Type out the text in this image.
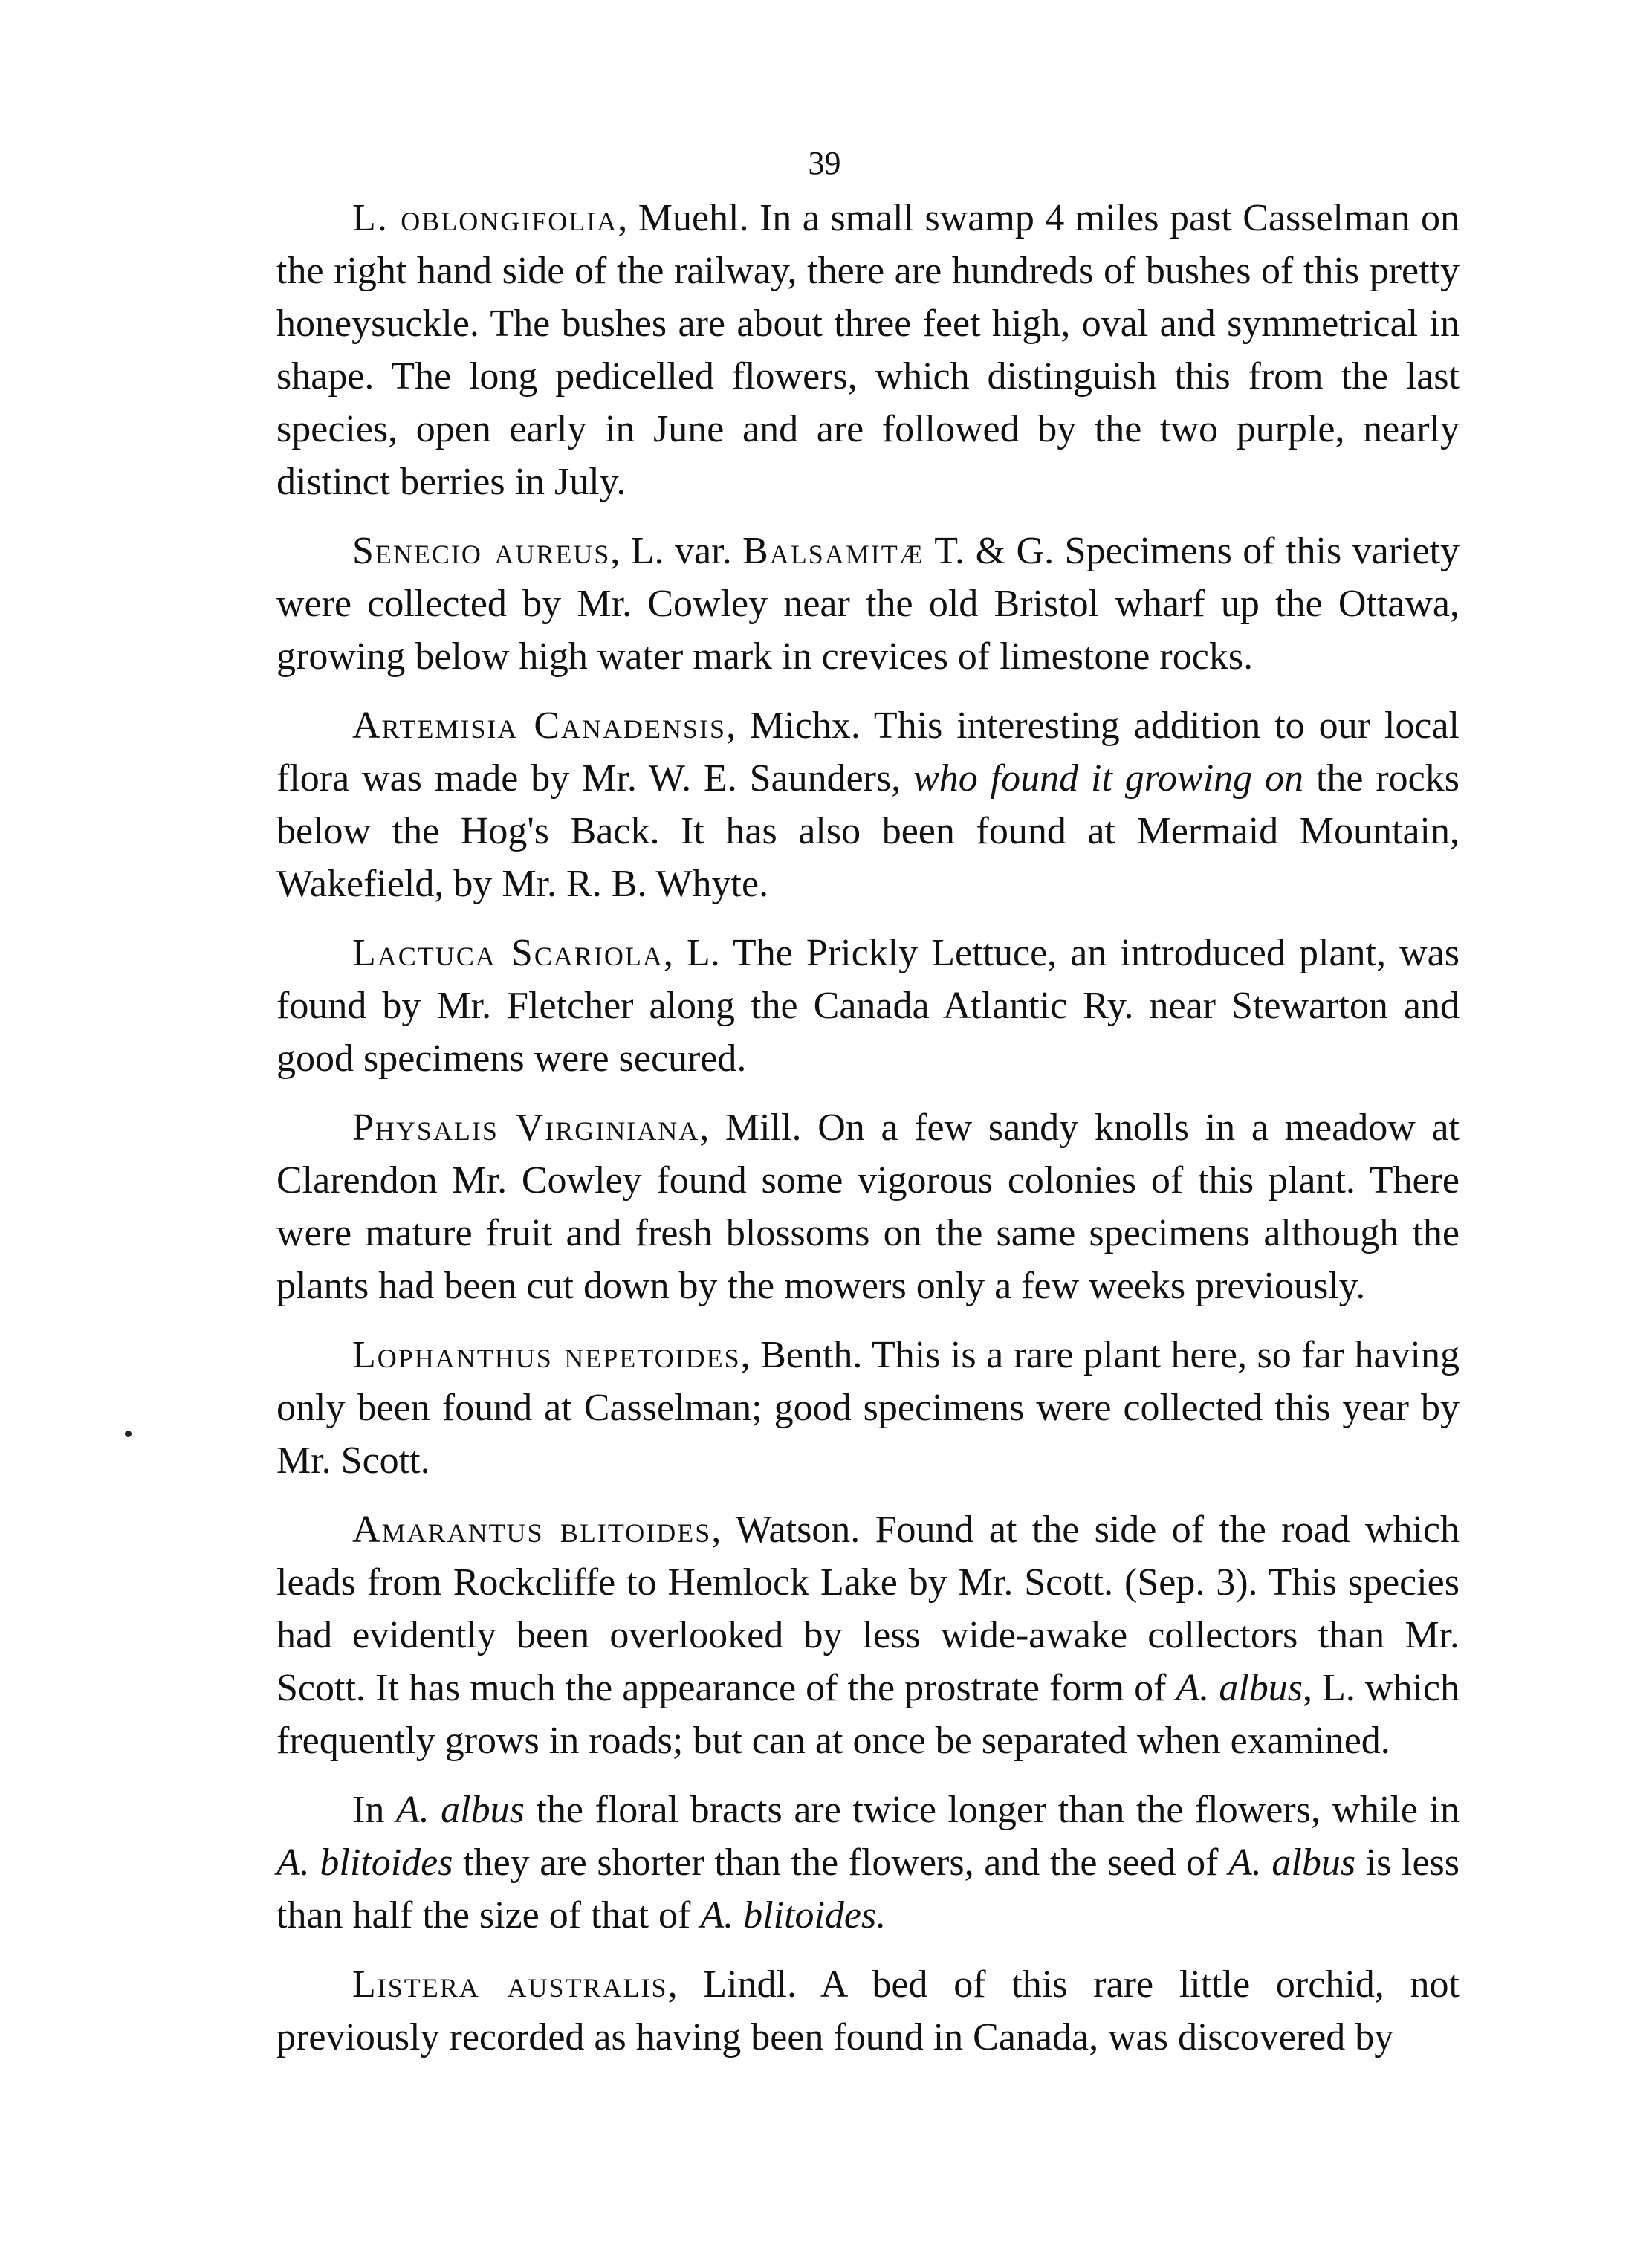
39

L. oblongifolia, Muehl. In a small swamp 4 miles past Casselman on the right hand side of the railway, there are hundreds of bushes of this pretty honeysuckle. The bushes are about three feet high, oval and symmetrical in shape. The long pedicelled flowers, which distinguish this from the last species, open early in June and are followed by the two purple, nearly distinct berries in July.

Senecio aureus, L. var. Balsamitæ T. & G. Specimens of this variety were collected by Mr. Cowley near the old Bristol wharf up the Ottawa, growing below high water mark in crevices of limestone rocks.

Artemisia Canadensis, Michx. This interesting addition to our local flora was made by Mr. W. E. Saunders, who found it growing on the rocks below the Hog's Back. It has also been found at Mermaid Mountain, Wakefield, by Mr. R. B. Whyte.

Lactuca Scariola, L. The Prickly Lettuce, an introduced plant, was found by Mr. Fletcher along the Canada Atlantic Ry. near Stewarton and good specimens were secured.

Physalis Virginiana, Mill. On a few sandy knolls in a meadow at Clarendon Mr. Cowley found some vigorous colonies of this plant. There were mature fruit and fresh blossoms on the same specimens although the plants had been cut down by the mowers only a few weeks previously.

Lophanthus nepetoides, Benth. This is a rare plant here, so far having only been found at Casselman; good specimens were collected this year by Mr. Scott.

Amarantus blitoides, Watson. Found at the side of the road which leads from Rockcliffe to Hemlock Lake by Mr. Scott. (Sep. 3). This species had evidently been overlooked by less wide-awake collectors than Mr. Scott. It has much the appearance of the prostrate form of A. albus, L. which frequently grows in roads; but can at once be separated when examined.

In A. albus the floral bracts are twice longer than the flowers, while in A. blitoides they are shorter than the flowers, and the seed of A. albus is less than half the size of that of A. blitoides.

Listera australis, Lindl. A bed of this rare little orchid, not previously recorded as having been found in Canada, was discovered by
